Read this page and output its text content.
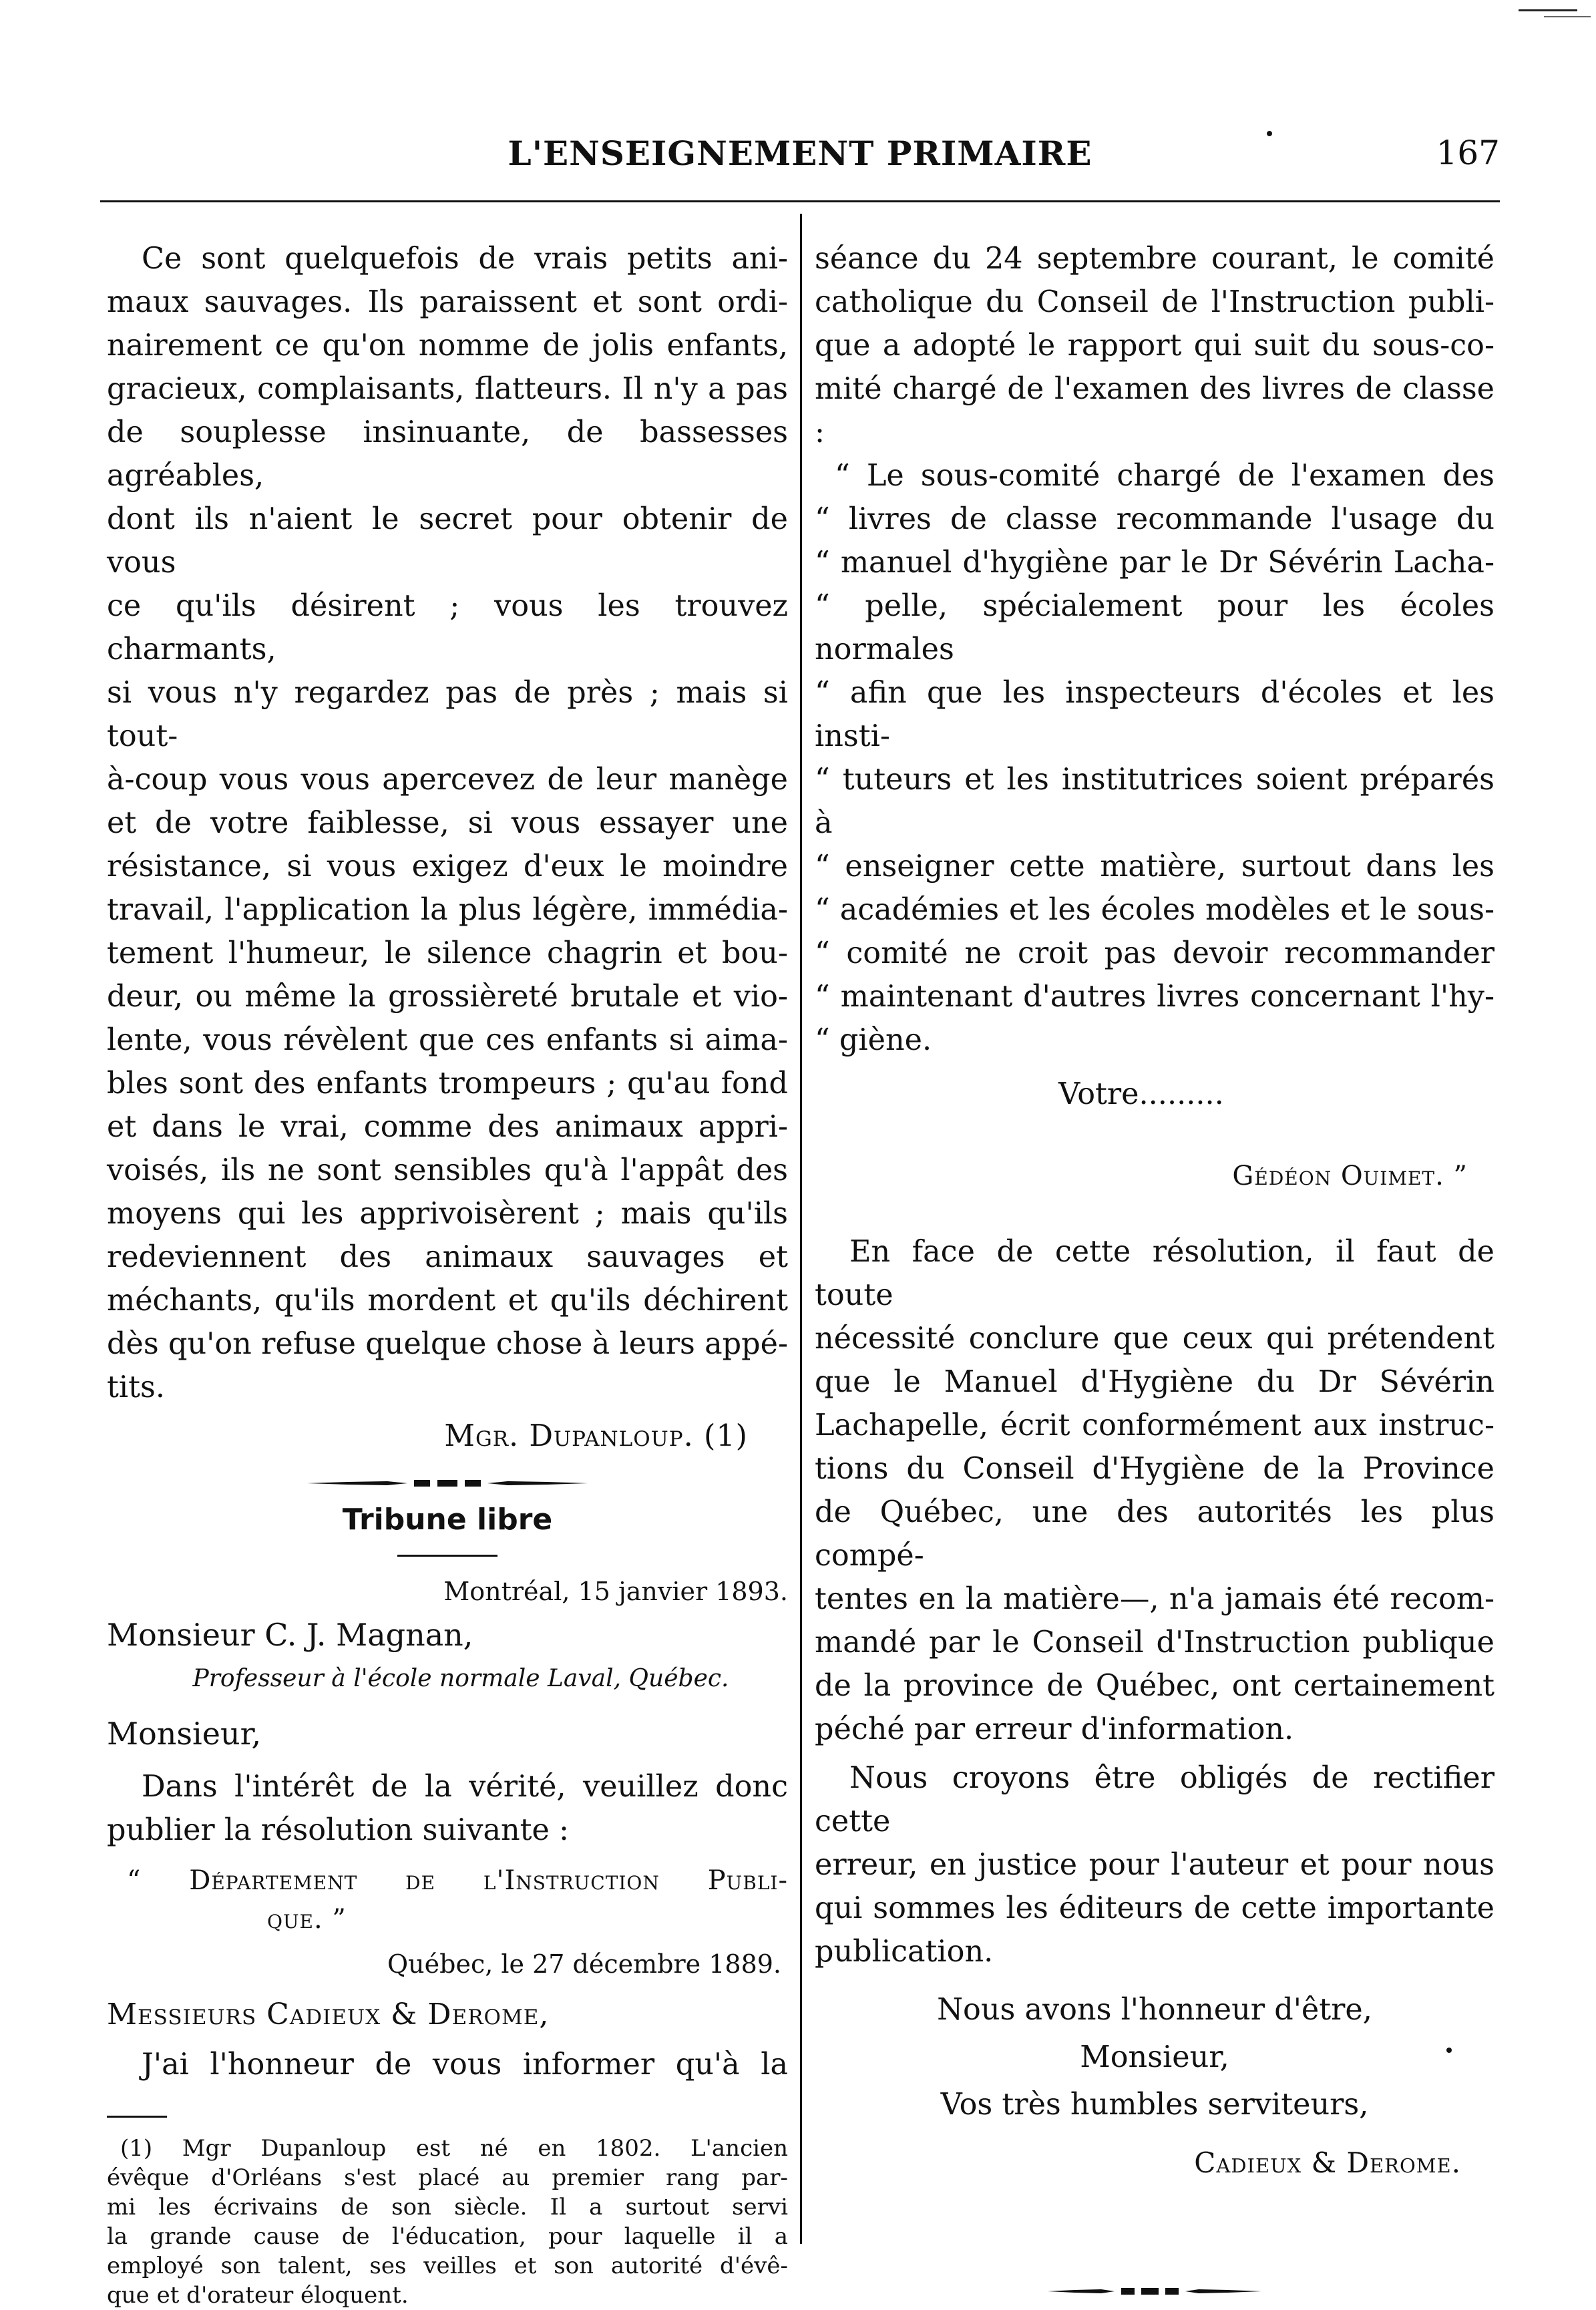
L'ENSEIGNEMENT PRIMAIRE	167
Ce sont quelquefois de vrais petits ani-
maux sauvages. Ils paraissent et sont ordi-
nairement ce qu'on nomme de jolis enfants,
gracieux, complaisants, flatteurs. Il n'y a pas
de souplesse insinuante, de bassesses agréables,
dont ils n'aient le secret pour obtenir de vous
ce qu'ils désirent ; vous les trouvez charmants,
si vous n'y regardez pas de près ; mais si tout-
à-coup vous vous apercevez de leur manège
et de votre faiblesse, si vous essayer une
résistance, si vous exigez d'eux le moindre
travail, l'application la plus légère, immédia-
tement l'humeur, le silence chagrin et bou-
deur, ou même la grossièreté brutale et vio-
lente, vous révèlent que ces enfants si aima-
bles sont des enfants trompeurs ; qu'au fond
et dans le vrai, comme des animaux appri-
voisés, ils ne sont sensibles qu'à l'appât des
moyens qui les apprivoisèrent ; mais qu'ils
redeviennent des animaux sauvages et
méchants, qu'ils mordent et qu'ils déchirent
dès qu'on refuse quelque chose à leurs appé-
tits.

Mgr. Dupanloup. (1)

Tribune libre

Montréal, 15 janvier 1893.

Monsieur C. J. Magnan,

Professeur à l'école normale Laval, Québec.

Monsieur,

Dans l'intérêt de la vérité, veuillez donc
publier la résolution suivante :
“ Département de l'Instruction Publi-
que. ”

Québec, le 27 décembre 1889.

Messieurs Cadieux & Derome,

J'ai l'honneur de vous informer qu'à la

(1) Mgr Dupanloup est né en 1802. L'ancien
évêque d'Orléans s'est placé au premier rang par-
mi les écrivains de son siècle. Il a surtout servi
la grande cause de l'éducation, pour laquelle il a
employé son talent, ses veilles et son autorité d'évê-
que et d'orateur éloquent.
séance du 24 septembre courant, le comité
catholique du Conseil de l'Instruction publi-
que a adopté le rapport qui suit du sous-co-
mité chargé de l'examen des livres de classe :
“ Le sous-comité chargé de l'examen des
“ livres de classe recommande l'usage du
“ manuel d'hygiène par le Dr Sévérin Lacha-
“ pelle, spécialement pour les écoles normales
“ afin que les inspecteurs d'écoles et les insti-
“ tuteurs et les institutrices soient préparés à
“ enseigner cette matière, surtout dans les
“ académies et les écoles modèles et le sous-
“ comité ne croit pas devoir recommander
“ maintenant d'autres livres concernant l'hy-
“ giène.

Votre.........

Gédéon Ouimet. ”

En face de cette résolution, il faut de toute
nécessité conclure que ceux qui prétendent
que le Manuel d'Hygiène du Dr Sévérin
Lachapelle, écrit conformément aux instruc-
tions du Conseil d'Hygiène de la Province
de Québec, une des autorités les plus compé-
tentes en la matière—, n'a jamais été recom-
mandé par le Conseil d'Instruction publique
de la province de Québec, ont certainement
péché par erreur d'information.
Nous croyons être obligés de rectifier cette
erreur, en justice pour l'auteur et pour nous
qui sommes les éditeurs de cette importante
publication.

Nous avons l'honneur d'être,

Monsieur,

Vos très humbles serviteurs,

Cadieux & Derome.
